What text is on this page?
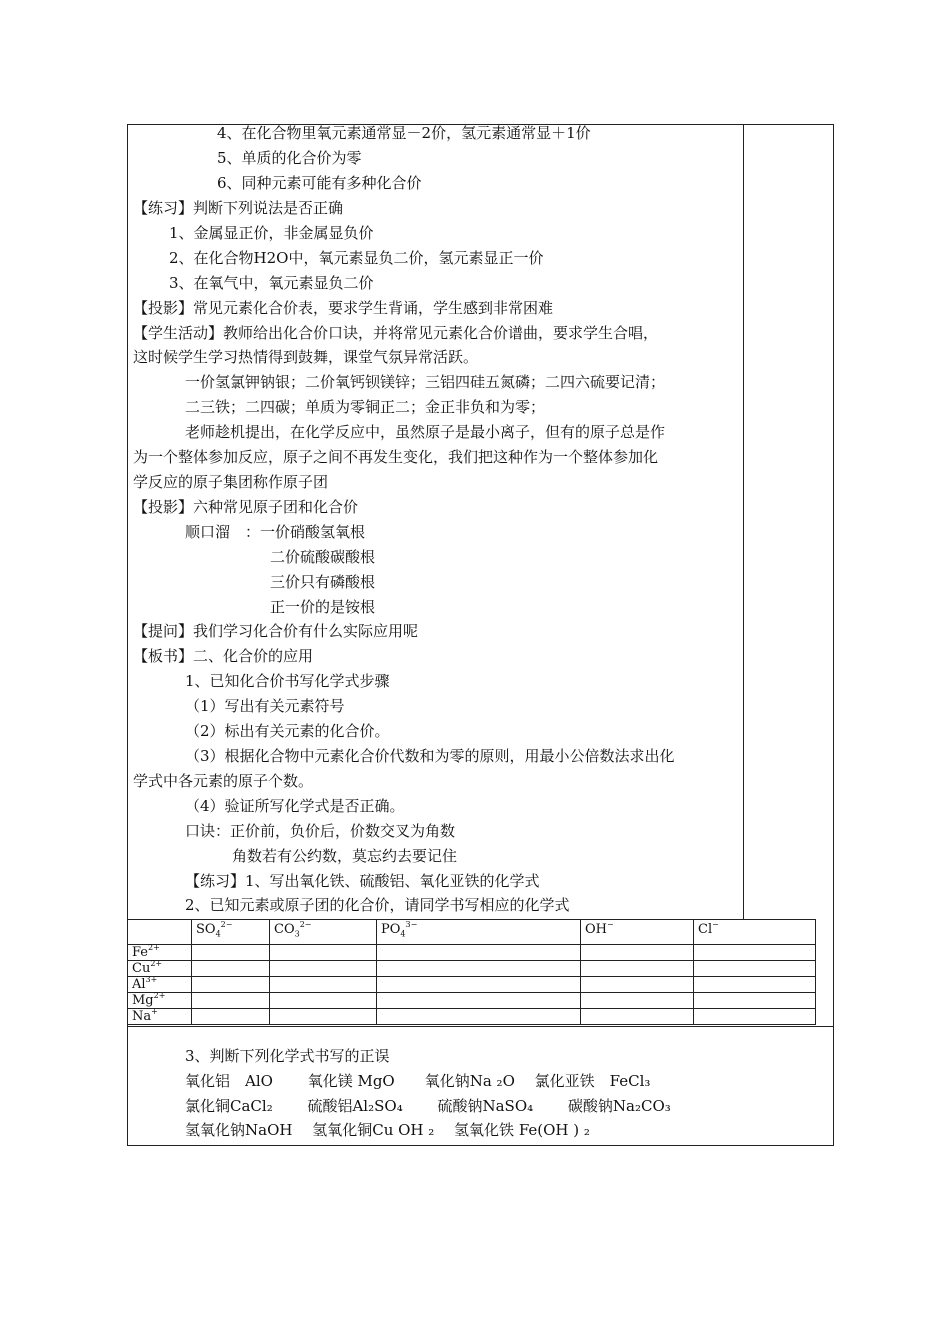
4、在化合物里氧元素通常显－2价，氢元素通常显＋1价
5、单质的化合价为零
6、同种元素可能有多种化合价
【练习】判断下列说法是否正确
1、金属显正价，非金属显负价
2、在化合物H2O中，氧元素显负二价，氢元素显正一价
3、在氧气中，氧元素显负二价
【投影】常见元素化合价表，要求学生背诵，学生感到非常困难
【学生活动】教师给出化合价口诀，并将常见元素化合价谱曲，要求学生合唱，
这时候学生学习热情得到鼓舞，课堂气氛异常活跃。
一价氢氯钾钠银；二价氧钙钡镁锌；三铝四硅五氮磷；二四六硫要记清；
二三铁；二四碳；单质为零铜正二；金正非负和为零；
老师趁机提出，在化学反应中，虽然原子是最小离子，但有的原子总是作
为一个整体参加反应，原子之间不再发生变化，我们把这种作为一个整体参加化
学反应的原子集团称作原子团
【投影】六种常见原子团和化合价
顺口溜　：一价硝酸氢氧根
二价硫酸碳酸根
三价只有磷酸根
正一价的是铵根
【提问】我们学习化合价有什么实际应用呢
【板书】二、化合价的应用
1、已知化合价书写化学式步骤
（1）写出有关元素符号
（2）标出有关元素的化合价。
（3）根据化合物中元素化合价代数和为零的原则，用最小公倍数法求出化
学式中各元素的原子个数。
（4）验证所写化学式是否正确。
口诀：正价前，负价后，价数交叉为角数
角数若有公约数，莫忘约去要记住
【练习】1、写出氧化铁、硫酸铝、氧化亚铁的化学式
2、已知元素或原子团的化合价，请同学书写相应的化学式
	$SO_4^{2-}$	$CO_3^{2-}$	$PO_4^{3-}$	OH−	Cl−
$Fe^{2+}$					
$Cu^{2+}$					
$Al^{3+}$					
$Mg^{2+}$					
Na+					
3、判断下列化学式书写的正误
氧化铝　AlO　　 氧化镁 MgO　　氧化钠Na ₂O　 氯化亚铁　FeCl₃
氯化铜CaCl₂　　 硫酸铝Al₂SO₄　　 硫酸钠NaSO₄　　 碳酸钠Na₂CO₃
氢氧化钠NaOH　 氢氧化铜Cu OH ₂　 氢氧化铁 Fe(OH ) ₂
